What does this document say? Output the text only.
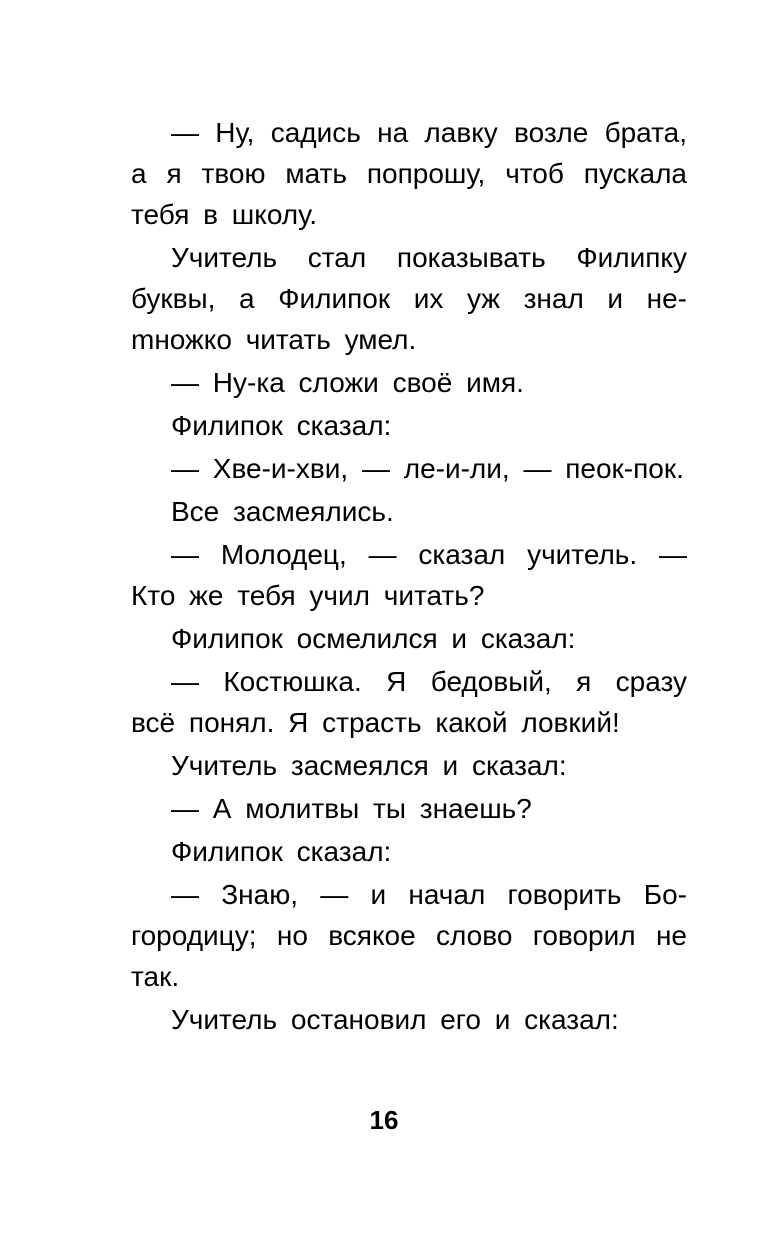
— Ну, садись на лавку возле брата, а я твою мать попрошу, чтоб пускала тебя в школу.

Учитель стал показывать Филипку буквы, а Филипок их уж знал и неmножко читать умел.

— Ну-ка сложи своё имя.

Филипок сказал:

— Хве-и-хви, — ле-и-ли, — пеок-пок.

Все засмеялись.

— Молодец, — сказал учитель. — Кто же тебя учил читать?

Филипок осмелился и сказал:

— Костюшка. Я бедовый, я сразу всё понял. Я страсть какой ловкий!

Учитель засмеялся и сказал:

— А молитвы ты знаешь?

Филипок сказал:

— Знаю, — и начал говорить Богородицу; но всякое слово говорил не так.

Учитель остановил его и сказал:

16
